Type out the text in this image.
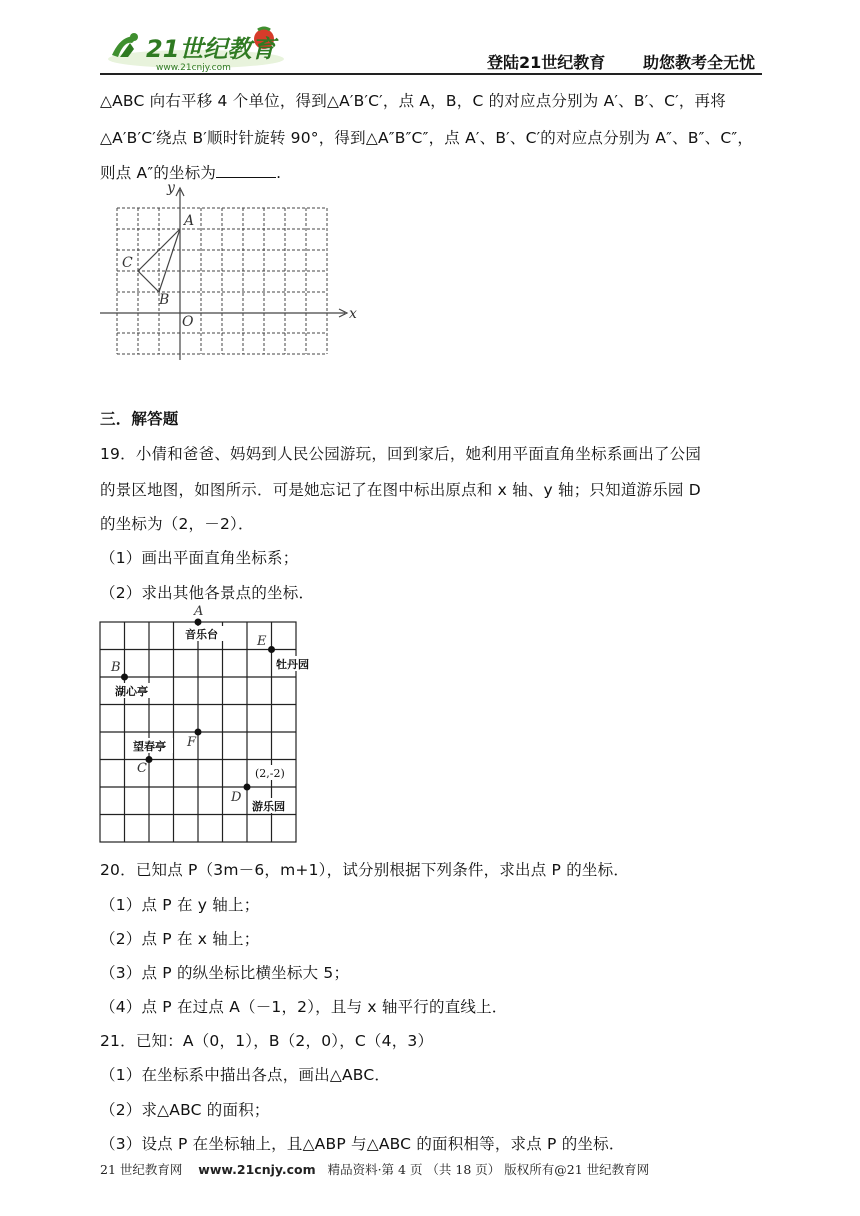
21世纪教育
www.21cnjy.com	登陆21世纪教育 助您教考全无忧
△ABC 向右平移 4 个单位，得到△A′B′C′，点 A，B，C 的对应点分别为 A′、B′、C′，再将
△A′B′C′绕点 B′顺时针旋转 90°，得到△A″B″C″，点 A′、B′、C′的对应点分别为 A″、B″、C″，
则点 A″的坐标为	.
y
x
O
A
C
B
三．解答题
19．小倩和爸爸、妈妈到人民公园游玩，回到家后，她利用平面直角坐标系画出了公园
的景区地图，如图所示．可是她忘记了在图中标出原点和 x 轴、y 轴；只知道游乐园 D
的坐标为（2，－2）．
（1）画出平面直角坐标系；
（2）求出其他各景点的坐标．
A
E
B
F
C
D
音乐台
牡丹园
湖心亭
望春亭
游乐园
(2,-2)
20．已知点 P（3m－6，m+1），试分别根据下列条件，求出点 P 的坐标．
（1）点 P 在 y 轴上；
（2）点 P 在 x 轴上；
（3）点 P 的纵坐标比横坐标大 5；
（4）点 P 在过点 A（－1，2），且与 x 轴平行的直线上．
21．已知：A（0，1），B（2，0），C（4，3）
（1）在坐标系中描出各点，画出△ABC．
（2）求△ABC 的面积；
（3）设点 P 在坐标轴上，且△ABP 与△ABC 的面积相等，求点 P 的坐标．
21 世纪教育网 www.21cnjy.com 精品资料·第 4 页 （共 18 页） 版权所有@21 世纪教育网
